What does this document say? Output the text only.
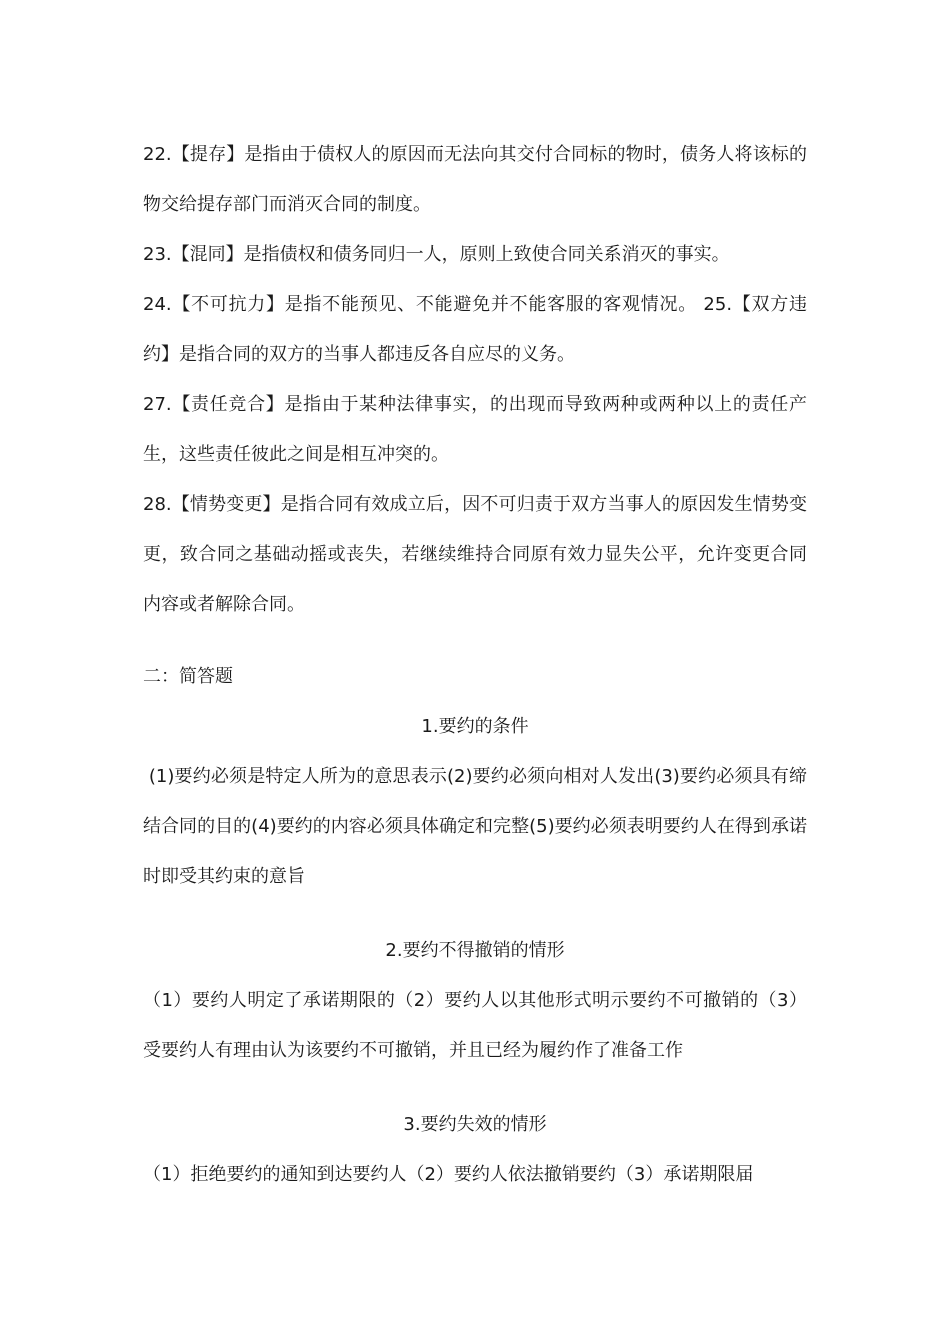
22.【提存】是指由于债权人的原因而无法向其交付合同标的物时，债务人将该标的物交给提存部门而消灭合同的制度。

23.【混同】是指债权和债务同归一人，原则上致使合同关系消灭的事实。

24.【不可抗力】是指不能预见、不能避免并不能客服的客观情况。 25.【双方违约】是指合同的双方的当事人都违反各自应尽的义务。

27.【责任竞合】是指由于某种法律事实，的出现而导致两种或两种以上的责任产生，这些责任彼此之间是相互冲突的。

28.【情势变更】是指合同有效成立后，因不可归责于双方当事人的原因发生情势变更，致合同之基础动摇或丧失，若继续维持合同原有效力显失公平，允许变更合同内容或者解除合同。

二：简答题

1.要约的条件

(1)要约必须是特定人所为的意思表示(2)要约必须向相对人发出(3)要约必须具有缔结合同的目的(4)要约的内容必须具体确定和完整(5)要约必须表明要约人在得到承诺时即受其约束的意旨

2.要约不得撤销的情形

（1）要约人明定了承诺期限的（2）要约人以其他形式明示要约不可撤销的（3）受要约人有理由认为该要约不可撤销，并且已经为履约作了准备工作

3.要约失效的情形

（1）拒绝要约的通知到达要约人（2）要约人依法撤销要约（3）承诺期限届
